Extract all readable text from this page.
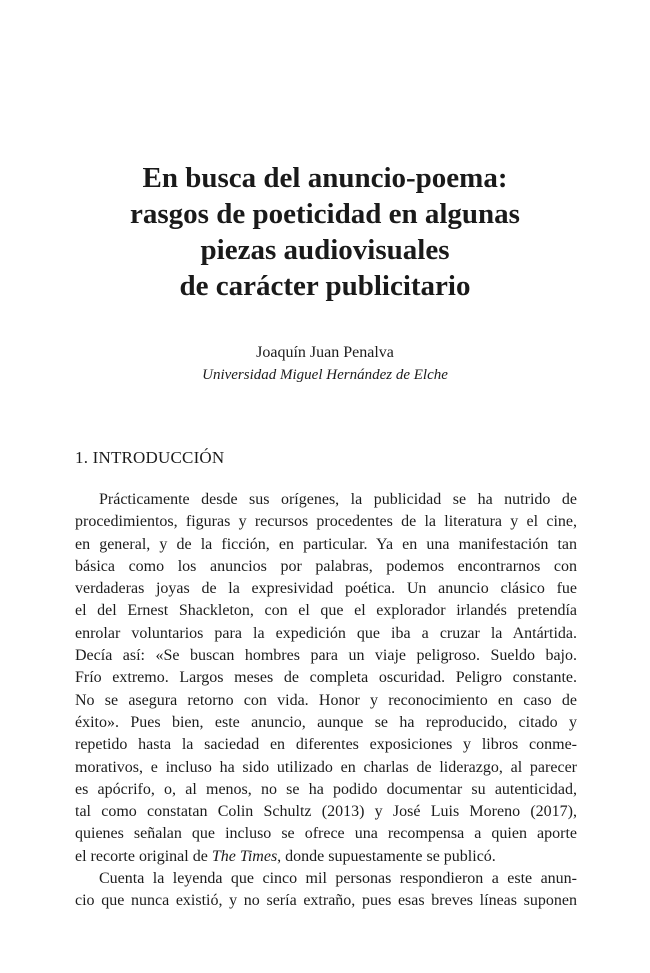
En busca del anuncio-poema:
rasgos de poeticidad en algunas
piezas audiovisuales
de carácter publicitario
Joaquín Juan Penalva
Universidad Miguel Hernández de Elche
1. INTRODUCCIÓN
Prácticamente desde sus orígenes, la publicidad se ha nutrido de
procedimientos, figuras y recursos procedentes de la literatura y el cine,
en general, y de la ficción, en particular. Ya en una manifestación tan
básica como los anuncios por palabras, podemos encontrarnos con
verdaderas joyas de la expresividad poética. Un anuncio clásico fue
el del Ernest Shackleton, con el que el explorador irlandés pretendía
enrolar voluntarios para la expedición que iba a cruzar la Antártida.
Decía así: «Se buscan hombres para un viaje peligroso. Sueldo bajo.
Frío extremo. Largos meses de completa oscuridad. Peligro constante.
No se asegura retorno con vida. Honor y reconocimiento en caso de
éxito». Pues bien, este anuncio, aunque se ha reproducido, citado y
repetido hasta la saciedad en diferentes exposiciones y libros conme-
morativos, e incluso ha sido utilizado en charlas de liderazgo, al parecer
es apócrifo, o, al menos, no se ha podido documentar su autenticidad,
tal como constatan Colin Schultz (2013) y José Luis Moreno (2017),
quienes señalan que incluso se ofrece una recompensa a quien aporte
el recorte original de The Times, donde supuestamente se publicó.
Cuenta la leyenda que cinco mil personas respondieron a este anun-
cio que nunca existió, y no sería extraño, pues esas breves líneas suponen
